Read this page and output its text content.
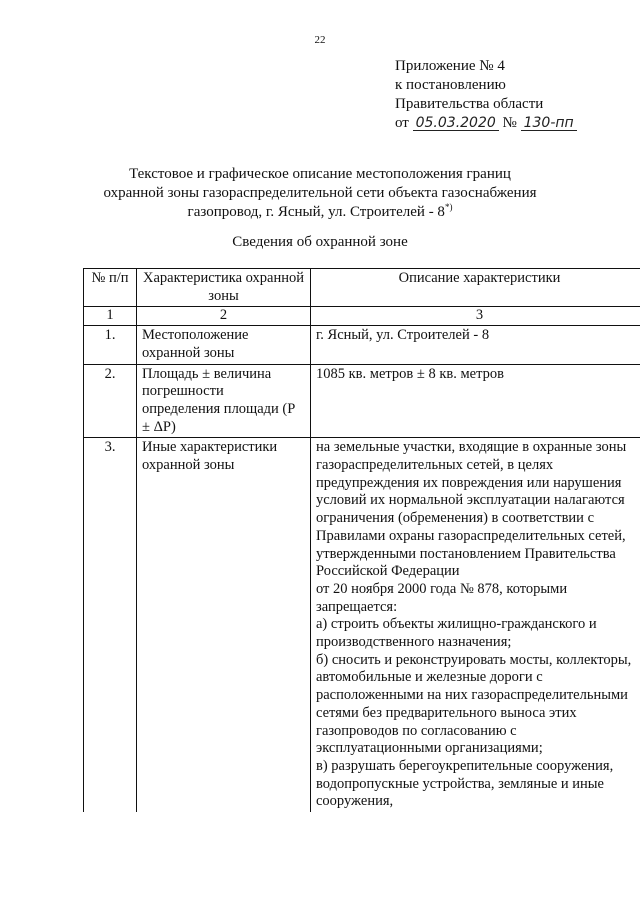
22
Приложение № 4
к постановлению
Правительства области
от 05.03.2020 № 130-пп
Текстовое и графическое описание местоположения границ
охранной зоны газораспределительной сети объекта газоснабжения
газопровод, г. Ясный, ул. Строителей - 8*)
Сведения об охранной зоне
№ п/п	Характеристика охранной зоны	Описание характеристики
1	2	3
1.	Местоположение охранной зоны	г. Ясный, ул. Строителей - 8

2.	Площадь ± величина погрешности определения площади (Р ± ΔР)	1085 кв. метров ± 8 кв. метров

3.	Иные характеристики охранной зоны	на земельные участки, входящие в охранные зоны газораспределительных сетей, в целях предупреждения их повреждения или нарушения условий их нормальной эксплуатации налагаются ограничения (обременения) в соответствии с Правилами охраны газораспределительных сетей, утвержденными постановлением Правительства Российской Федерации
от 20 ноября 2000 года № 878, которыми запрещается:
а) строить объекты жилищно-гражданского и производственного назначения;
б) сносить и реконструировать мосты, коллекторы, автомобильные и железные дороги с расположенными на них газораспределительными сетями без предварительного выноса этих газопроводов по согласованию с эксплуатационными организациями;
в) разрушать берегоукрепительные сооружения, водопропускные устройства, земляные и иные сооружения,
